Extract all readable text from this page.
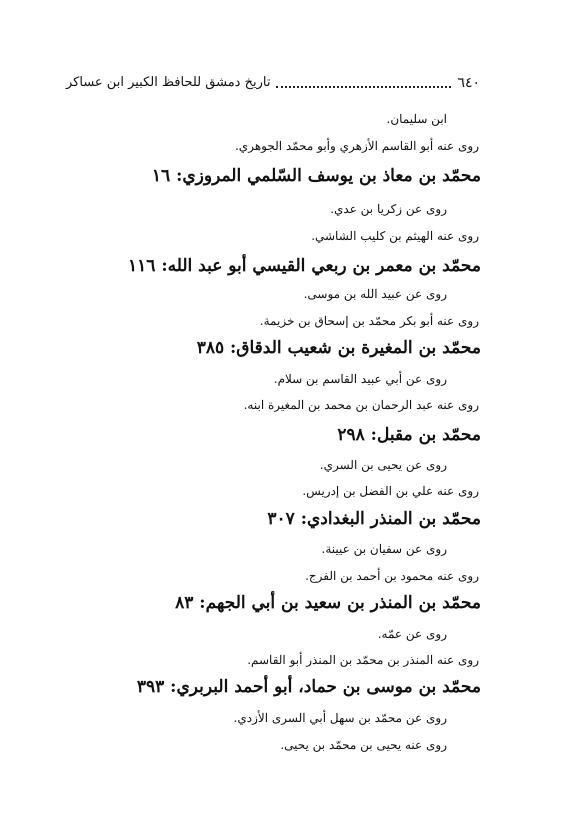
٦٤٠
تاريخ دمشق للحافظ الكبير ابن عساكر
ابن سليمان.
روى عنه أبو القاسم الأزهري وأبو محمّد الجوهري.
محمّد بن معاذ بن يوسف السّلمي المروزي: ١٦
روى عن زكريا بن عدي.
روى عنه الهيثم بن كليب الشاشي.
محمّد بن معمر بن ربعي القيسي أبو عبد الله: ١١٦
روى عن عبيد الله بن موسى.
روى عنه أبو بكر محمّد بن إسحاق بن خزيمة.
محمّد بن المغيرة بن شعيب الدقاق: ٣٨٥
روى عن أبي عبيد القاسم بن سلام.
روى عنه عبد الرحمان بن محمد بن المغيرة ابنه.
محمّد بن مقبل: ٢٩٨
روى عن يحيى بن السري.
روى عنه علي بن الفضل بن إدريس.
محمّد بن المنذر البغدادي: ٣٠٧
روى عن سفيان بن عيينة.
روى عنه محمود بن أحمد بن الفرج.
محمّد بن المنذر بن سعيد بن أبي الجهم: ٨٣
روى عن عمّه.
روى عنه المنذر بن محمّد بن المنذر أبو القاسم.
محمّد بن موسى بن حماد، أبو أحمد البربري: ٣٩٣
روى عن محمّد بن سهل أبي السرى الأزدي.
روى عنه يحيى بن محمّد بن يحيى.
